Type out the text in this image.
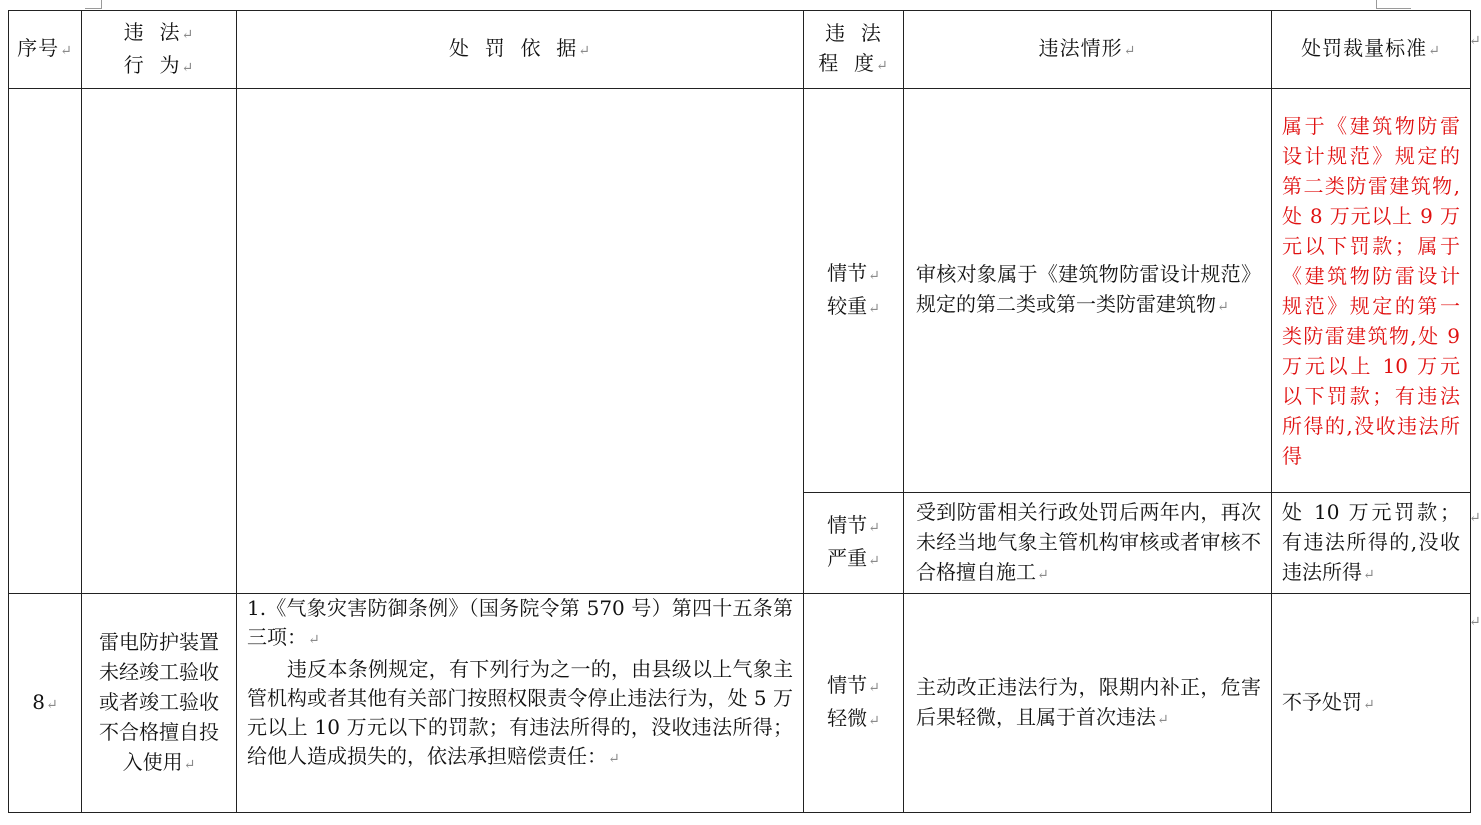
↵
↵
↵
序号↵	违  法↵
行  为↵	处  罚  依  据↵	违  法
程  度↵	违法情形↵	处罚裁量标准↵

			情节↵
较重↵	审核对象属于《建筑物防雷设计规范》规定的第二类或第一类防雷建筑物↵	属于《建筑物防雷设计规范》规定的第二类防雷建筑物,处 8 万元以上 9 万元以下罚款；属于《建筑物防雷设计规范》规定的第一类防雷建筑物,处 9 万元以上 10 万元以下罚款；有违法所得的,没收违法所得

			情节↵
严重↵	受到防雷相关行政处罚后两年内，再次未经当地气象主管机构审核或者审核不合格擅自施工↵	处 10 万元罚款；有违法所得的,没收违法所得↵
8↵	雷电防护装置未经竣工验收或者竣工验收不合格擅自投入使用↵	1.《气象灾害防御条例》（国务院令第 570 号）第四十五条第三项：↵
违反本条例规定，有下列行为之一的，由县级以上气象主管机构或者其他有关部门按照权限责令停止违法行为，处 5 万元以上 10 万元以下的罚款；有违法所得的，没收违法所得；给他人造成损失的，依法承担赔偿责任：↵	情节↵
轻微↵	主动改正违法行为，限期内补正，危害后果轻微，且属于首次违法↵	不予处罚↵
